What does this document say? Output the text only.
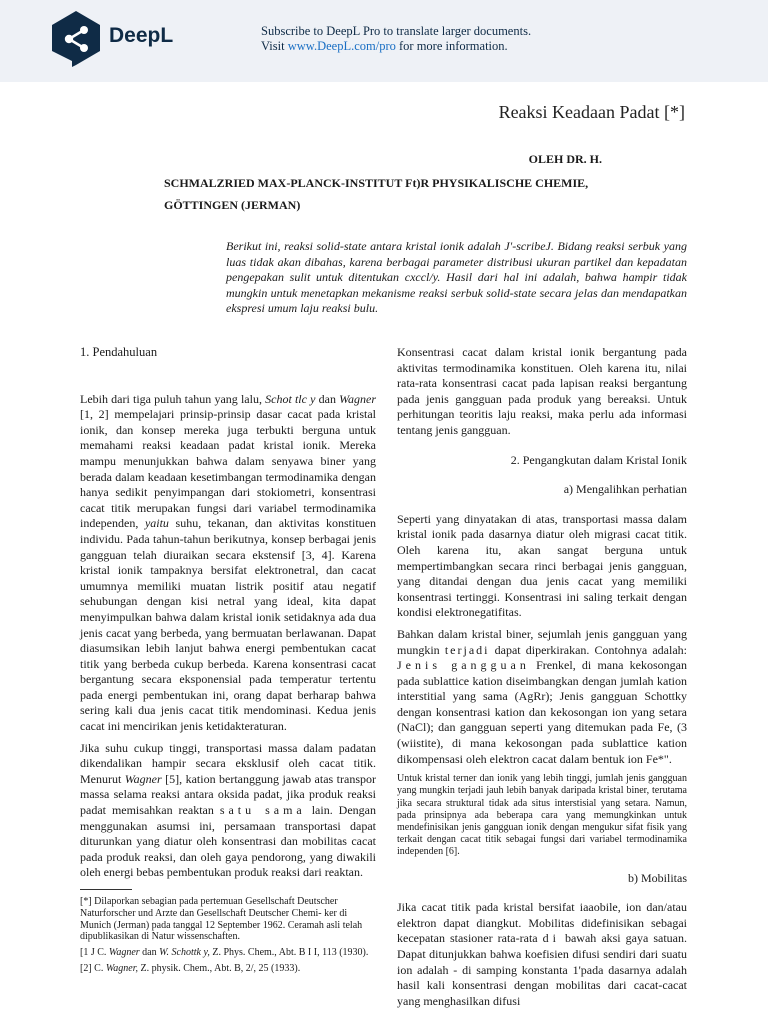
DeepL	Subscribe to DeepL Pro to translate larger documents.
Visit www.DeepL.com/pro for more information.
Reaksi Keadaan Padat [*]
OLEH DR. H.
SCHMALZRIED MAX-PLANCK-INSTITUT Ft)R PHYSIKALISCHE CHEMIE,
GÖTTINGEN (JERMAN)
Berikut ini, reaksi solid-state antara kristal ionik adalah J'-scribeJ. Bidang reaksi serbuk yang luas tidak akan dibahas, karena berbagai parameter distribusi ukuran partikel dan kepadatan pengepakan sulit untuk ditentukan cxccl/y. Hasil dari hal ini adalah, bahwa hampir tidak mungkin untuk menetapkan mekanisme reaksi serbuk solid-state secara jelas dan mendapatkan ekspresi umum laju reaksi bulu.

1. Pendahuluan

Lebih dari tiga puluh tahun yang lalu, Schot tlc y dan Wagner [1, 2] mempelajari prinsip-prinsip dasar cacat pada kristal ionik, dan konsep mereka juga terbukti berguna untuk memahami reaksi keadaan padat kristal ionik. Mereka mampu menunjukkan bahwa dalam senyawa biner yang berada dalam keadaan kesetimbangan termodinamika dengan hanya sedikit penyimpangan dari stokiometri, konsentrasi cacat titik merupakan fungsi dari variabel termodinamika independen, yaitu suhu, tekanan, dan aktivitas konstituen individu. Pada tahun-tahun berikutnya, konsep berbagai jenis gangguan telah diuraikan secara ekstensif [3, 4]. Karena kristal ionik tampaknya bersifat elektronetral, dan cacat umumnya memiliki muatan listrik positif atau negatif sehubungan dengan kisi netral yang ideal, kita dapat menyimpulkan bahwa dalam kristal ionik setidaknya ada dua jenis cacat yang berbeda, yang bermuatan berlawanan. Dapat diasumsikan lebih lanjut bahwa energi pembentukan cacat titik yang berbeda cukup berbeda. Karena konsentrasi cacat bergantung secara eksponensial pada temperatur tertentu pada energi pembentukan ini, orang dapat berharap bahwa sering kali dua jenis cacat titik mendominasi. Kedua jenis cacat ini mencirikan jenis ketidakteraturan.

Jika suhu cukup tinggi, transportasi massa dalam padatan dikendalikan hampir secara eksklusif oleh cacat titik. Menurut Wagner [5], kation bertanggung jawab atas transpor massa selama reaksi antara oksida padat, jika produk reaksi padat memisahkan reaktan satu sama lain. Dengan menggunakan asumsi ini, persamaan transportasi dapat diturunkan yang diatur oleh konsentrasi dan mobilitas cacat pada produk reaksi, dan oleh gaya pendorong, yang diwakili oleh energi bebas pembentukan produk reaksi dari reaktan.

[*] Dilaporkan sebagian pada pertemuan Gesellschaft Deutscher Naturforscher und Arzte dan Gesellschaft Deutscher Chemi- ker di Munich (Jerman) pada tanggal 12 September 1962. Ceramah asli telah dipublikasikan di Natur wissenschaften.

[1 J C. Wagner dan W. Schottk y, Z. Phys. Chem., Abt. B I I, 113 (1930).

[2] C. Wagner, Z. physik. Chem., Abt. B, 2/, 25 (1933).

Konsentrasi cacat dalam kristal ionik bergantung pada aktivitas termodinamika konstituen. Oleh karena itu, nilai rata-rata konsentrasi cacat pada lapisan reaksi bergantung pada jenis gangguan pada produk yang bereaksi. Untuk perhitungan teoritis laju reaksi, maka perlu ada informasi tentang jenis gangguan.

2. Pengangkutan dalam Kristal Ionik

a) Mengalihkan perhatian

Seperti yang dinyatakan di atas, transportasi massa dalam kristal ionik pada dasarnya diatur oleh migrasi cacat titik. Oleh karena itu, akan sangat berguna untuk mempertimbangkan secara rinci berbagai jenis gangguan, yang ditandai dengan dua jenis cacat yang memiliki konsentrasi tertinggi. Konsentrasi ini saling terkait dengan kondisi elektronegatifitas.

Bahkan dalam kristal biner, sejumlah jenis gangguan yang mungkin terjadi dapat diperkirakan. Contohnya adalah: Jenis gangguan Frenkel, di mana kekosongan pada sublattice kation diseimbangkan dengan jumlah kation interstitial yang sama (AgRr); Jenis gangguan Schottky dengan konsentrasi kation dan kekosongan ion yang setara (NaCl); dan gangguan seperti yang ditemukan pada Fe, (3 (wiistite), di mana kekosongan pada sublattice kation dikompensasi oleh elektron cacat dalam bentuk ion Fe*".

Untuk kristal terner dan ionik yang lebih tinggi, jumlah jenis gangguan yang mungkin terjadi jauh lebih banyak daripada kristal biner, terutama jika secara struktural tidak ada situs interstisial yang setara. Namun, pada prinsipnya ada beberapa cara yang memungkinkan untuk mendefinisikan jenis gangguan ionik dengan mengukur sifat fisik yang terkait dengan cacat titik sebagai fungsi dari variabel termodinamika independen [6].

b) Mobilitas

Jika cacat titik pada kristal bersifat iaaobile, ion dan/atau elektron dapat diangkut. Mobilitas didefinisikan sebagai kecepatan stasioner rata-rata di bawah aksi gaya satuan. Dapat ditunjukkan bahwa koefisien difusi sendiri dari suatu ion adalah - di samping konstanta 1'pada dasarnya adalah hasil kali konsentrasi dengan mobilitas dari cacat-cacat yang menghasilkan difusi
